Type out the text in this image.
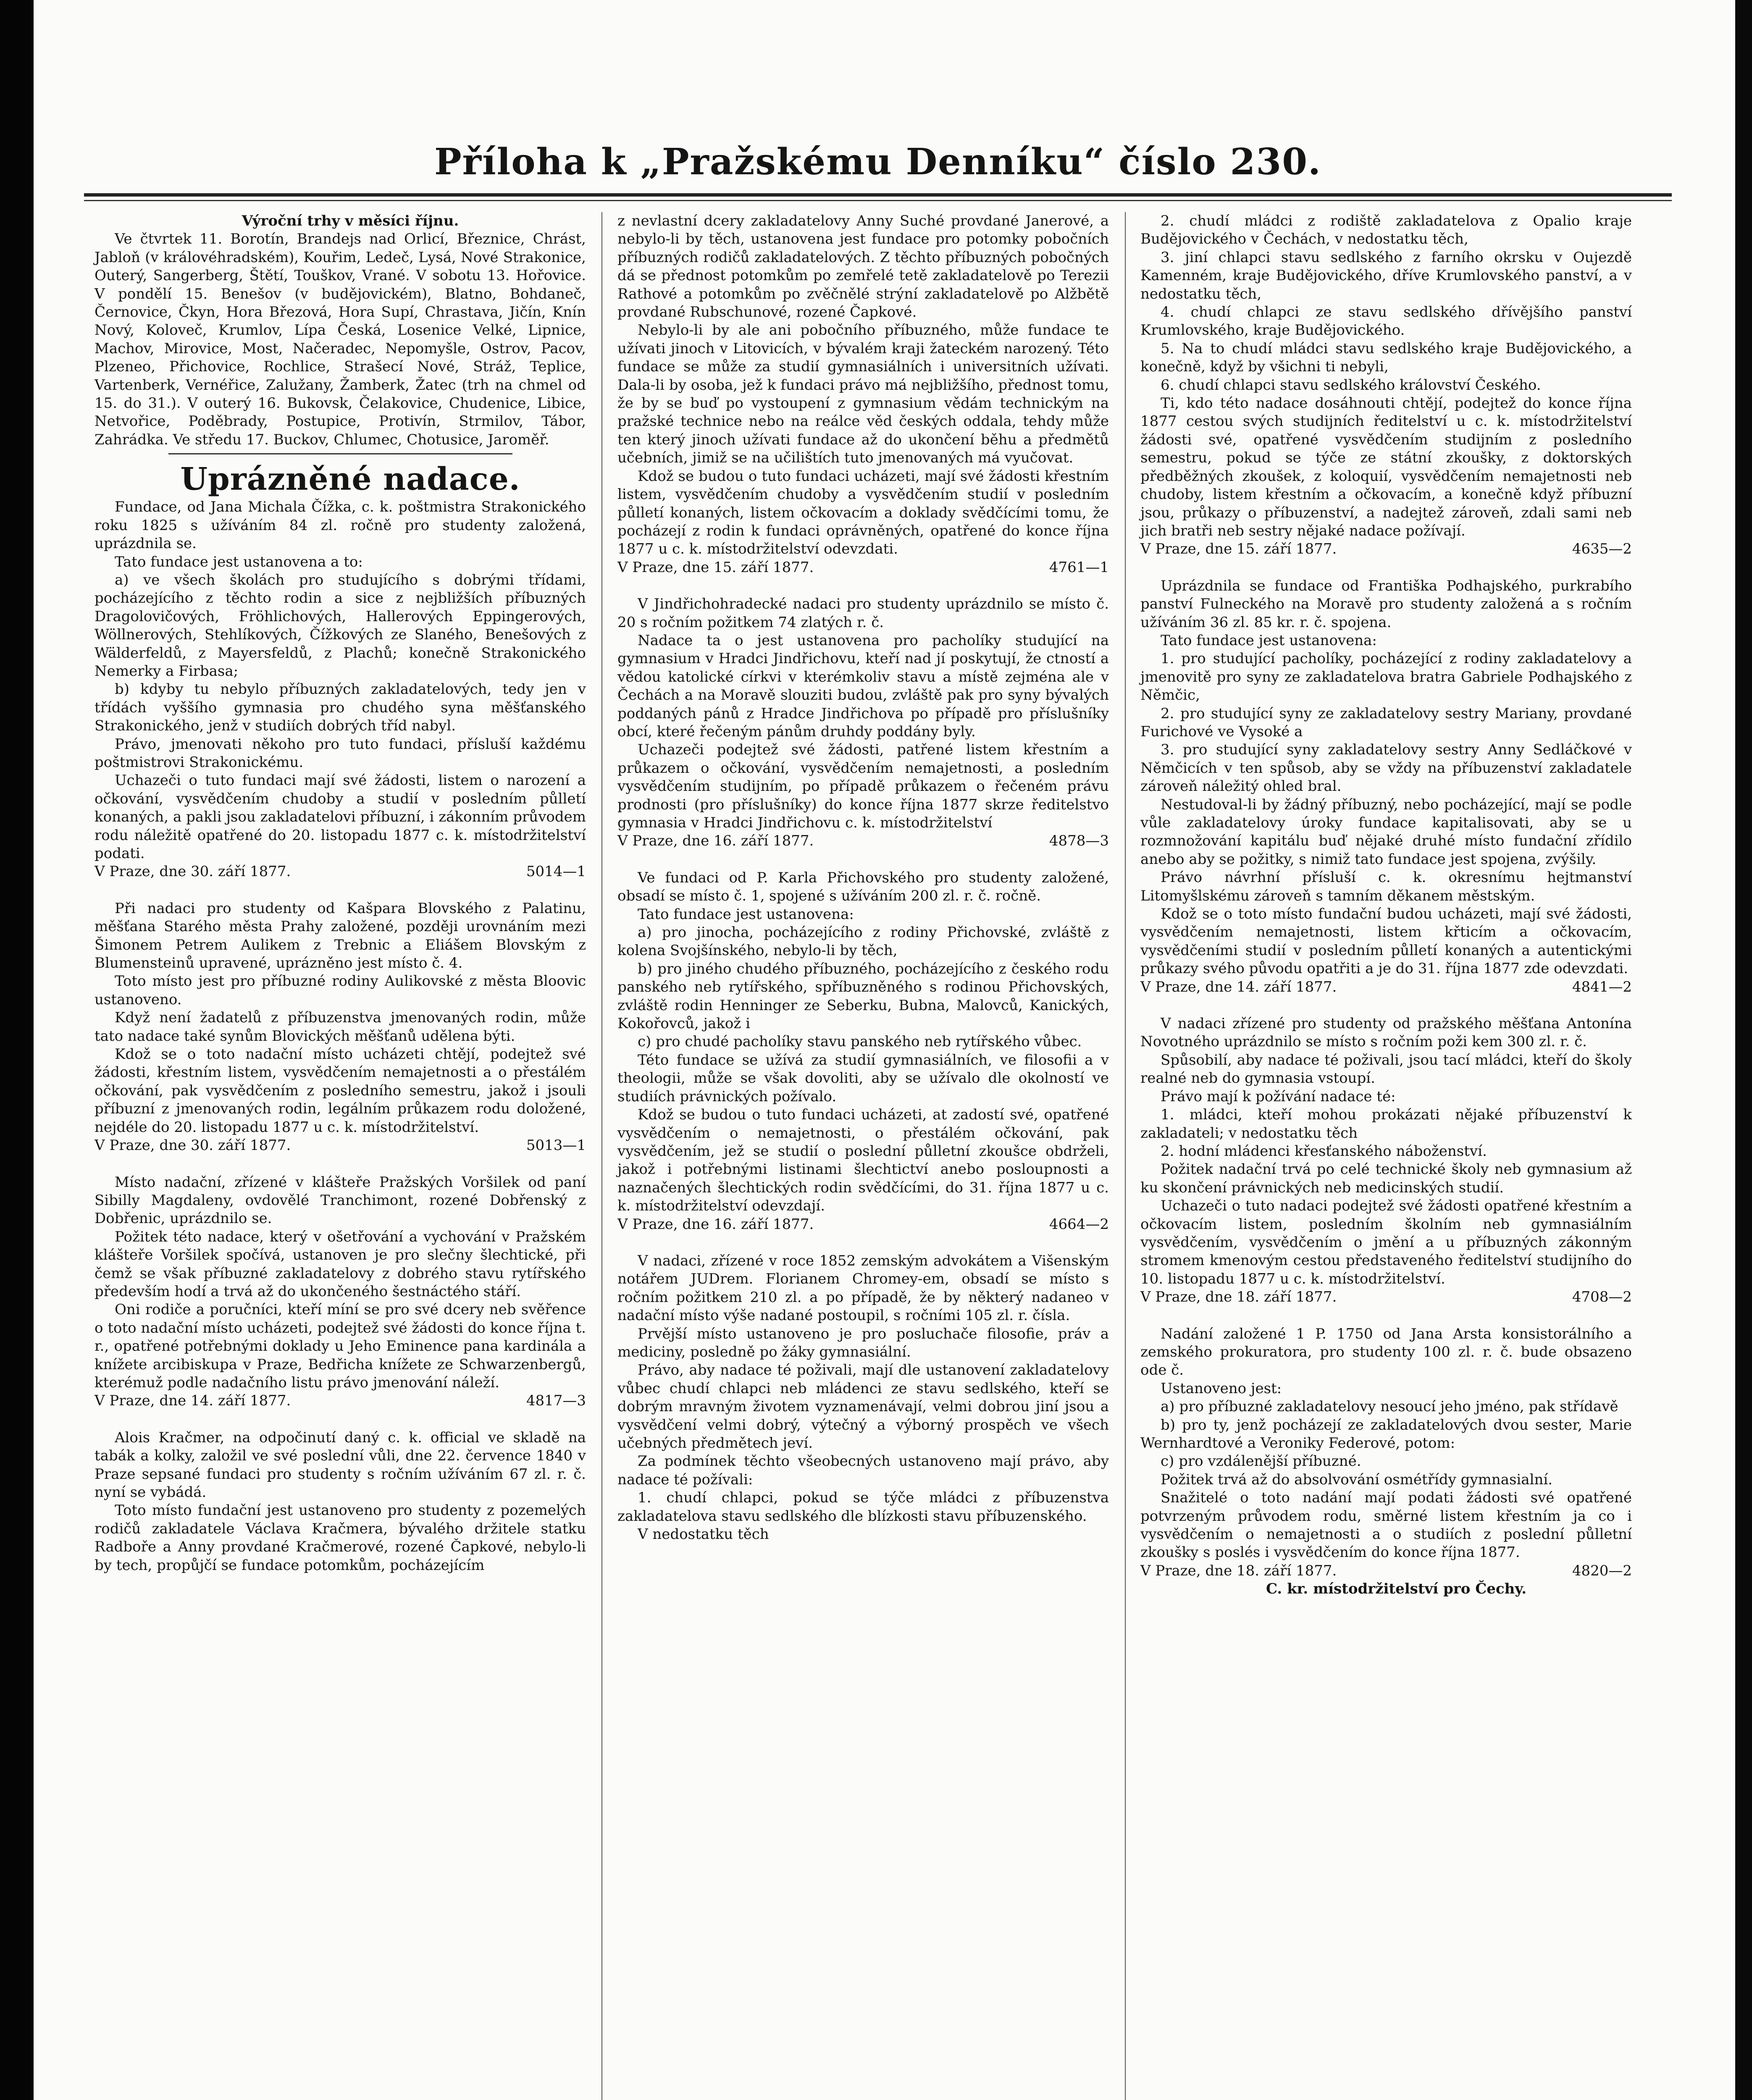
Příloha k „Pražskému Denníku“ číslo 230.

Výroční trhy v měsíci říjnu.

Ve čtvrtek 11. Borotín, Brandejs nad Orlicí, Březnice, Chrást, Jabloň (v královéhradském), Kouřim, Ledeč, Lysá, Nové Strakonice, Outerý, Sangerberg, Štětí, Touškov, Vrané. V sobotu 13. Hořovice. V pondělí 15. Benešov (v budějovickém), Blatno, Bohdaneč, Černovice, Čkyn, Hora Březová, Hora Supí, Chrastava, Jičín, Knín Nový, Koloveč, Krumlov, Lípa Česká, Losenice Velké, Lipnice, Machov, Mirovice, Most, Načeradec, Nepomyšle, Ostrov, Pacov, Plzeneo, Přichovice, Rochlice, Strašecí Nové, Stráž, Teplice, Vartenberk, Vernéřice, Zalužany, Žamberk, Žatec (trh na chmel od 15. do 31.). V outerý 16. Bukovsk, Čelakovice, Chudenice, Libice, Netvořice, Poděbrady, Postupice, Protivín, Strmilov, Tábor, Zahrádka. Ve středu 17. Buckov, Chlumec, Chotusice, Jaroměř.

Uprázněné nadace.

Fundace, od Jana Michala Čížka, c. k. poštmistra Strakonického roku 1825 s užíváním 84 zl. ročně pro studenty založená, uprázdnila se.

Tato fundace jest ustanovena a to:

a) ve všech školách pro studujícího s dobrými třídami, pocházejícího z těchto rodin a sice z nejbližších příbuzných Dragolovičových, Fröhlichových, Hallerových Eppingerových, Wöllnerových, Stehlíkových, Čížkových ze Slaného, Benešových z Wälderfeldů, z Mayersfeldů, z Plachů; konečně Strakonického Nemerky a Firbasa;

b) kdyby tu nebylo příbuzných zakladatelových, tedy jen v třídách vyššího gymnasia pro chudého syna měšťanského Strakonického, jenž v studiích dobrých tříd nabyl.

Právo, jmenovati někoho pro tuto fundaci, přísluší každému poštmistrovi Strakonickému.

Uchazeči o tuto fundaci mají své žádosti, listem o narození a očkování, vysvědčením chudoby a studií v posledním půlletí konaných, a pakli jsou zakladatelovi příbuzní, i zákonním průvodem rodu náležitě opatřené do 20. listopadu 1877 c. k. místodržitelství podati.

V Praze, dne 30. září 1877.	5014—1

Při nadaci pro studenty od Kašpara Blovského z Palatinu, měšťana Starého města Prahy založené, později urovnáním mezi Šimonem Petrem Aulikem z Trebnic a Eliášem Blovským z Blumensteinů upravené, uprázněno jest místo č. 4.

Toto místo jest pro příbuzné rodiny Aulikovské z města Bloovic ustanoveno.

Když není žadatelů z příbuzenstva jmenovaných rodin, může tato nadace také synům Blovických měšťanů udělena býti.

Kdož se o toto nadační místo ucházeti chtějí, podejtež své žádosti, křestním listem, vysvědčením nemajetnosti a o přestálém očkování, pak vysvědčením z posledního semestru, jakož i jsouli příbuzní z jmenovaných rodin, legálním průkazem rodu doložené, nejdéle do 20. listopadu 1877 u c. k. místodržitelství.

V Praze, dne 30. září 1877.	5013—1

Místo nadační, zřízené v klášteře Pražských Voršilek od paní Sibilly Magdaleny, ovdovělé Tranchimont, rozené Dobřenský z Dobřenic, uprázdnilo se.

Požitek této nadace, který v ošetřování a vychování v Pražském klášteře Voršilek spočívá, ustanoven je pro slečny šlechtické, při čemž se však příbuzné zakladatelovy z dobrého stavu rytířského především hodí a trvá až do ukončeného šestnáctého stáří.

Oni rodiče a poručníci, kteří míní se pro své dcery neb svěřence o toto nadační místo ucházeti, podejtež své žádosti do konce října t. r., opatřené potřebnými doklady u Jeho Eminence pana kardinála a knížete arcibiskupa v Praze, Bedřicha knížete ze Schwarzenbergů, kterémuž podle nadačního listu právo jmenování náleží.

V Praze, dne 14. září 1877.	4817—3

Alois Kračmer, na odpočinutí daný c. k. official ve skladě na tabák a kolky, založil ve své poslední vůli, dne 22. července 1840 v Praze sepsané fundaci pro studenty s ročním užíváním 67 zl. r. č. nyní se vybádá.

Toto místo fundační jest ustanoveno pro studenty z pozemelých rodičů zakladatele Václava Kračmera, bývalého držitele statku Radboře a Anny provdané Kračmerové, rozené Čapkové, nebylo-li by tech, propůjčí se fundace potomkům, pocházejícím

z nevlastní dcery zakladatelovy Anny Suché provdané Janerové, a nebylo-li by těch, ustanovena jest fundace pro potomky pobočních příbuzných rodičů zakladatelových. Z těchto příbuzných pobočných dá se přednost potomkům po zemřelé tetě zakladatelově po Terezii Rathové a potomkům po zvěčnělé strýní zakladatelově po Alžbětě provdané Rubschunové, rozené Čapkové.

Nebylo-li by ale ani pobočního příbuzného, může fundace te užívati jinoch v Litovicích, v bývalém kraji žateckém narozený. Této fundace se může za studií gymnasiálních i universitních užívati. Dala-li by osoba, jež k fundaci právo má nejbližšího, přednost tomu, že by se buď po vystoupení z gymnasium vědám technickým na pražské technice nebo na reálce věd českých oddala, tehdy může ten který jinoch užívati fundace až do ukončení běhu a předmětů učebních, jimiž se na učilištích tuto jmenovaných má vyučovat.

Kdož se budou o tuto fundaci ucházeti, mají své žádosti křestním listem, vysvědčením chudoby a vysvědčením studií v posledním půlletí konaných, listem očkovacím a doklady svědčícími tomu, že pocházejí z rodin k fundaci oprávněných, opatřené do konce října 1877 u c. k. místodržitelství odevzdati.

V Praze, dne 15. září 1877.	4761—1

V Jindřichohradecké nadaci pro studenty uprázdnilo se místo č. 20 s ročním požitkem 74 zlatých r. č.

Nadace ta o jest ustanovena pro pacholíky studující na gymnasium v Hradci Jindřichovu, kteří nad jí poskytují, že ctností a vědou katolické církvi v kterémkoliv stavu a místě zejména ale v Čechách a na Moravě slouziti budou, zvláště pak pro syny bývalých poddaných pánů z Hradce Jindřichova po případě pro příslušníky obcí, které řečeným pánům druhdy poddány byly.

Uchazeči podejtež své žádosti, patřené listem křestním a průkazem o očkování, vysvědčením nemajetnosti, a posledním vysvědčením studijním, po případě průkazem o řečeném právu prodnosti (pro příslušníky) do konce října 1877 skrze ředitelstvo gymnasia v Hradci Jindřichovu c. k. místodržitelství

V Praze, dne 16. září 1877.	4878—3

Ve fundaci od P. Karla Přichovského pro studenty založené, obsadí se místo č. 1, spojené s užíváním 200 zl. r. č. ročně.

Tato fundace jest ustanovena:

a) pro jinocha, pocházejícího z rodiny Přichovské, zvláště z kolena Svojšínského, nebylo-li by těch,

b) pro jiného chudého příbuzného, pocházejícího z českého rodu panského neb rytířského, spříbuzněného s rodinou Přichovských, zvláště rodin Henninger ze Seberku, Bubna, Malovců, Kanických, Kokořovců, jakož i

c) pro chudé pacholíky stavu panského neb rytířského vůbec.

Této fundace se užívá za studií gymnasiálních, ve filosofii a v theologii, může se však dovoliti, aby se užívalo dle okolností ve studiích právnických požívalo.

Kdož se budou o tuto fundaci ucházeti, at zadostí své, opatřené vysvědčením o nemajetnosti, o přestálém očkování, pak vysvědčením, jež se studií o poslední půlletní zkoušce obdrželi, jakož i potřebnými listinami šlechtictví anebo posloupnosti a naznačených šlechtických rodin svědčícími, do 31. října 1877 u c. k. místodržitelství odevzdají.

V Praze, dne 16. září 1877.	4664—2

V nadaci, zřízené v roce 1852 zemským advokátem a Višenským notářem JUDrem. Florianem Chromey-em, obsadí se místo s ročním požitkem 210 zl. a po případě, že by některý nadaneo v nadační místo výše nadané postoupil, s ročními 105 zl. r. čísla.

Prvější místo ustanoveno je pro posluchače filosofie, práv a mediciny, posledně po žáky gymnasiální.

Právo, aby nadace té poživali, mají dle ustanovení zakladatelovy vůbec chudí chlapci neb mládenci ze stavu sedlského, kteří se dobrým mravným životem vyznamenávají, velmi dobrou jiní jsou a vysvědčení velmi dobrý, výtečný a výborný prospěch ve všech učebných předmětech jeví.

Za podmínek těchto všeobecných ustanoveno mají právo, aby nadace té požívali:

1. chudí chlapci, pokud se týče mládci z příbuzenstva zakladatelova stavu sedlského dle blízkosti stavu příbuzenského.

V nedostatku těch

2. chudí mládci z rodiště zakladatelova z Opalio kraje Budějovického v Čechách, v nedostatku těch,

3. jiní chlapci stavu sedlského z farního okrsku v Oujezdě Kamenném, kraje Budějovického, dříve Krumlovského panství, a v nedostatku těch,

4. chudí chlapci ze stavu sedlského dřívějšího panství Krumlovského, kraje Budějovického.

5. Na to chudí mládci stavu sedlského kraje Budějovického, a konečně, když by všichni ti nebyli,

6. chudí chlapci stavu sedlského království Českého.

Ti, kdo této nadace dosáhnouti chtějí, podejtež do konce října 1877 cestou svých studijních ředitelství u c. k. místodržitelství žádosti své, opatřené vysvědčením studijním z posledního semestru, pokud se týče ze státní zkoušky, z doktorských předběžných zkoušek, z koloquií, vysvědčením nemajetnosti neb chudoby, listem křestním a očkovacím, a konečně když příbuzní jsou, průkazy o příbuzenství, a nadejtež zároveň, zdali sami neb jich bratři neb sestry nějaké nadace požívají.

V Praze, dne 15. září 1877.	4635—2

Uprázdnila se fundace od Františka Podhajského, purkrabího panství Fulneckého na Moravě pro studenty založená a s ročním užíváním 36 zl. 85 kr. r. č. spojena.

Tato fundace jest ustanovena:

1. pro studující pacholíky, pocházející z rodiny zakladatelovy a jmenovitě pro syny ze zakladatelova bratra Gabriele Podhajského z Němčic,

2. pro studující syny ze zakladatelovy sestry Mariany, provdané Furichové ve Vysoké a

3. pro studující syny zakladatelovy sestry Anny Sedláčkové v Němčicích v ten spůsob, aby se vždy na příbuzenství zakladatele zároveň náležitý ohled bral.

Nestudoval-li by žádný příbuzný, nebo pocházející, mají se podle vůle zakladatelovy úroky fundace kapitalisovati, aby se u rozmnožování kapitálu buď nějaké druhé místo fundační zřídilo anebo aby se požitky, s nimiž tato fundace jest spojena, zvýšily.

Právo návrhní přísluší c. k. okresnímu hejtmanství Litomyšlskému zároveň s tamním děkanem městským.

Kdož se o toto místo fundační budou ucházeti, mají své žádosti, vysvědčením nemajetnosti, listem křticím a očkovacím, vysvědčeními studií v posledním půlletí konaných a autentickými průkazy svého původu opatřiti a je do 31. října 1877 zde odevzdati.

V Praze, dne 14. září 1877.	4841—2

V nadaci zřízené pro studenty od pražského měšťana Antonína Novotného uprázdnilo se místo s ročním poži kem 300 zl. r. č.

Spůsobilí, aby nadace té poživali, jsou tací mládci, kteří do školy realné neb do gymnasia vstoupí.

Právo mají k požívání nadace té:

1. mládci, kteří mohou prokázati nějaké příbuzenství k zakladateli; v nedostatku těch

2. hodní mládenci křesťanského náboženství.

Požitek nadační trvá po celé technické školy neb gymnasium až ku skončení právnických neb medicinských studií.

Uchazeči o tuto nadaci podejtež své žádosti opatřené křestním a očkovacím listem, posledním školním neb gymnasiálním vysvědčením, vysvědčením o jmění a u příbuzných zákonným stromem kmenovým cestou představeného ředitelství studijního do 10. listopadu 1877 u c. k. místodržitelství.

V Praze, dne 18. září 1877.	4708—2

Nadání založené 1 P. 1750 od Jana Arsta konsistorálního a zemského prokuratora, pro studenty 100 zl. r. č. bude obsazeno ode č.

Ustanoveno jest:

a) pro příbuzné zakladatelovy nesoucí jeho jméno, pak střídavě

b) pro ty, jenž pocházejí ze zakladatelových dvou sester, Marie Wernhardtové a Veroniky Federové, potom:

c) pro vzdálenější příbuzné.

Požitek trvá až do absolvování osmétřídy gymnasialní.

Snažitelé o toto nadání mají podati žádosti své opatřené potvrzeným průvodem rodu, směrné listem křestním ja co i vysvědčením o nemajetnosti a o studiích z poslední půlletní zkoušky s poslés i vysvědčením do konce října 1877.

V Praze, dne 18. září 1877.	4820—2

C. kr. místodržitelství pro Čechy.
